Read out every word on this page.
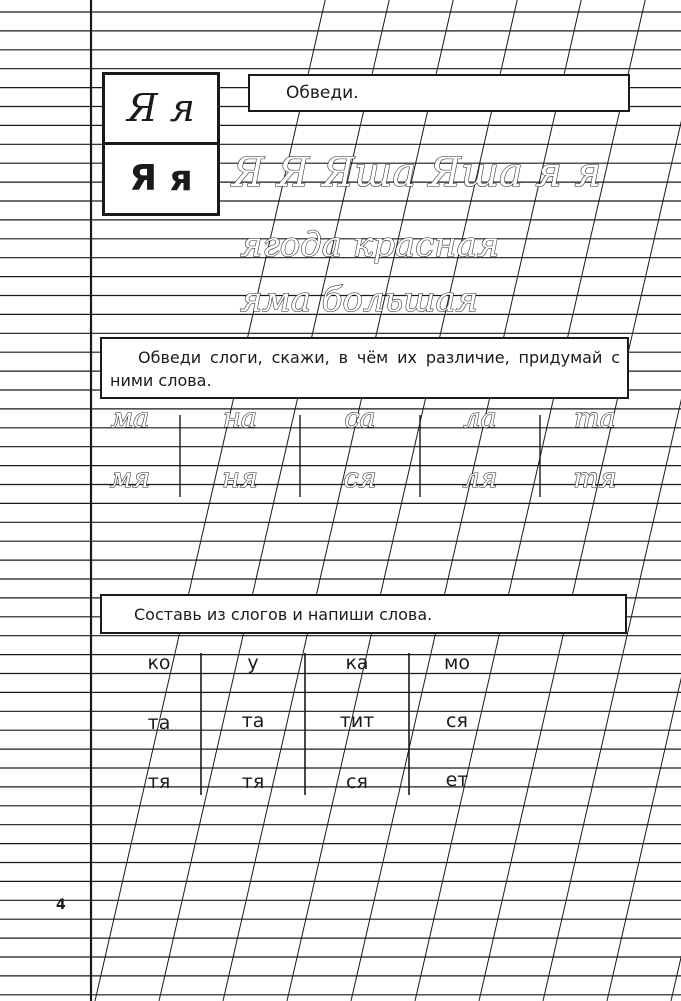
Я я
Я я
Обведи.
Я Я Яша Яша я я
ягода красная
яма большая
Обведи слоги, скажи, в чём их различие, придумай с ними слова.
ма	на	са	ла	та
мя	ня	ся	ля	тя
Составь из слогов и напиши слова.
ко	у	ка	мо
та	та	тит	ся
тя	тя	ся	ет
4
